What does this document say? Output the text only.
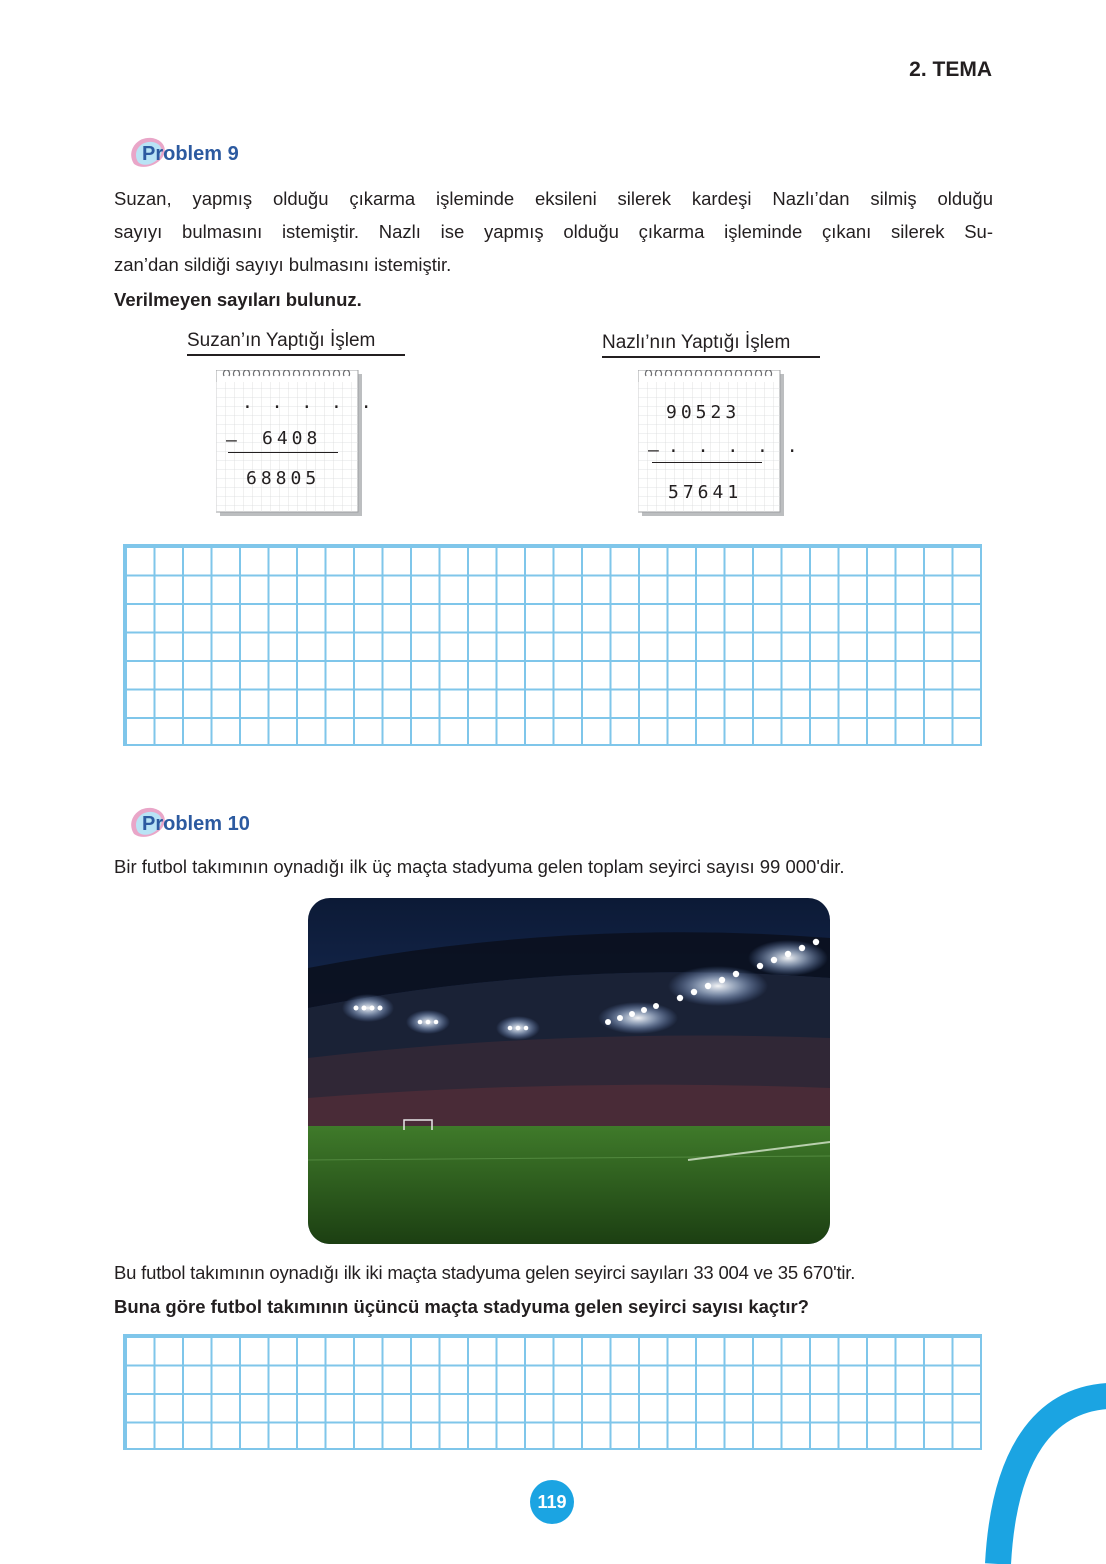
2. TEMA
Problem 9
Suzan, yapmış olduğu çıkarma işleminde eksileni silerek kardeşi Nazlı’dan silmiş olduğu
sayıyı bulmasını istemiştir. Nazlı ise yapmış olduğu çıkarma işleminde çıkanı silerek Su-
zan’dan sildiği sayıyı bulmasını istemiştir.
Verilmeyen sayıları bulunuz.
Suzan’ın Yaptığı İşlem
. . . . .
– 6408
68805
Nazlı’nın Yaptığı İşlem
90523
– . . . . .
57641
Problem 10
Bir futbol takımının oynadığı ilk üç maçta stadyuma gelen toplam seyirci sayısı 99 000'dir.
Bu futbol takımının oynadığı ilk iki maçta stadyuma gelen seyirci sayıları 33 004 ve 35 670'tir.
Buna göre futbol takımının üçüncü maçta stadyuma gelen seyirci sayısı kaçtır?
119
